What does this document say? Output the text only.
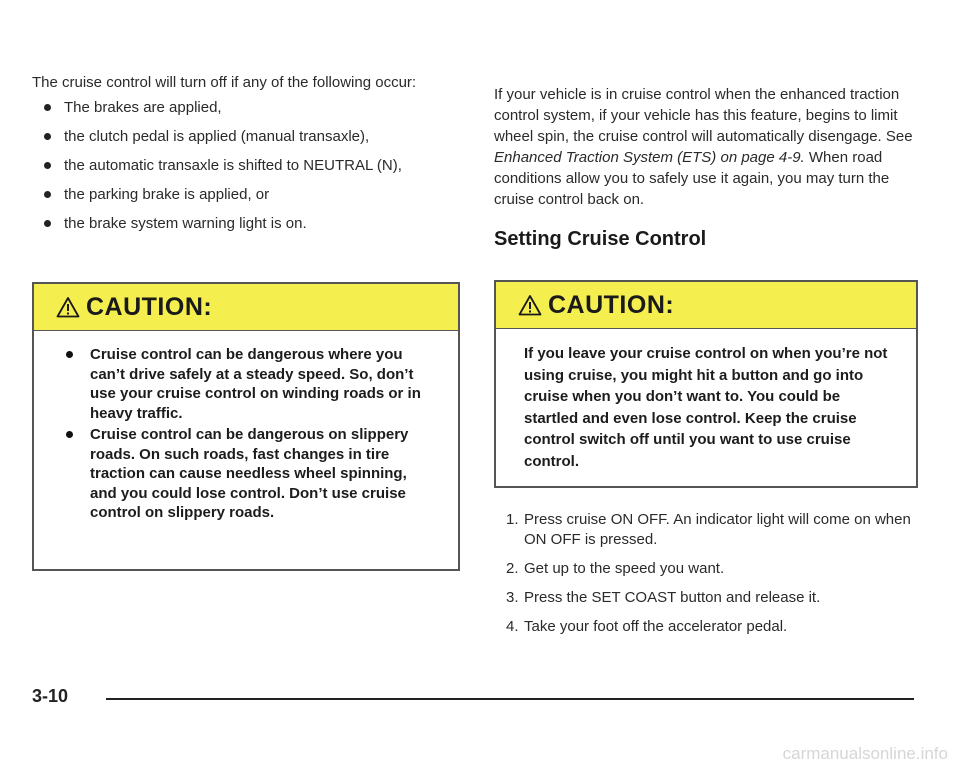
The cruise control will turn off if any of the following occur:

The brakes are applied,
the clutch pedal is applied (manual transaxle),
the automatic transaxle is shifted to NEUTRAL (N),
the parking brake is applied, or
the brake system warning light is on.
CAUTION:
Cruise control can be dangerous where you can’t drive safely at a steady speed. So, don’t use your cruise control on winding roads or in heavy traffic.
Cruise control can be dangerous on slippery roads. On such roads, fast changes in tire traction can cause needless wheel spinning, and you could lose control. Don’t use cruise control on slippery roads.

If your vehicle is in cruise control when the enhanced traction control system, if your vehicle has this feature, begins to limit wheel spin, the cruise control will automatically disengage. See Enhanced Traction System (ETS) on page 4-9. When road conditions allow you to safely use it again, you may turn the cruise control back on.

Setting Cruise Control
CAUTION:

If you leave your cruise control on when you’re not using cruise, you might hit a button and go into cruise when you don’t want to. You could be startled and even lose control. Keep the cruise control switch off until you want to use cruise control.

1. Press cruise ON OFF. An indicator light will come on when ON OFF is pressed.
2. Get up to the speed you want.
3. Press the SET COAST button and release it.
4. Take your foot off the accelerator pedal.
3-10
carmanualsonline.info
